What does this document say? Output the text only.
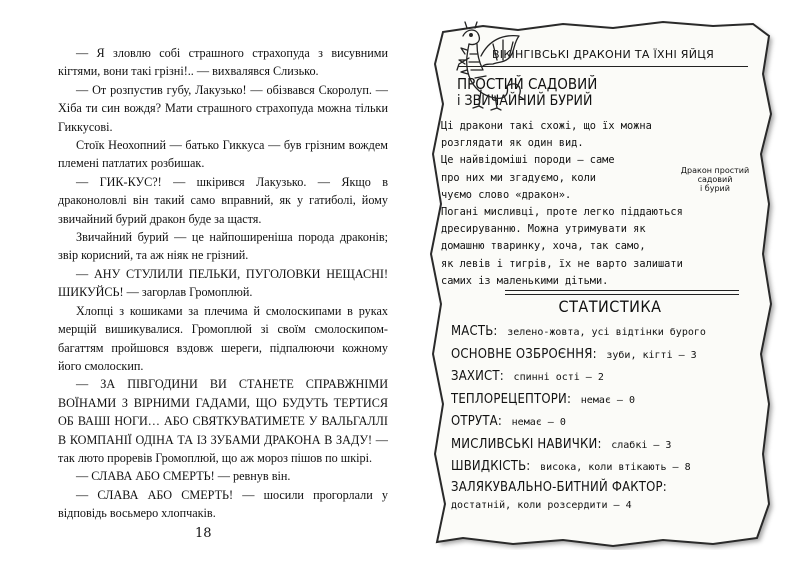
— Я зловлю собі страшного страхопуда з висувними кігтями, вони такі грізні!.. — вихвалявся Слизько.

— От розпустив губу, Лакузько! — обізвався Скоролуп. — Хіба ти син вождя? Мати страшного страхопуда можна тільки Гиккусові.

Стоїк Неохопний — батько Гиккуса — був грізним вождем племені патлатих розбишак.

— ГИК-КУС?! — шкірився Лакузько. — Якщо в драконоловлі він такий само вправний, як у гатиболі, йому звичайний бурий дракон буде за щастя.

Звичайний бурий — це найпоширеніша порода драконів; звір корисний, та аж ніяк не грізний.

— АНУ СТУЛИЛИ ПЕЛЬКИ, ПУГОЛОВКИ НЕЩАСНІ! ШИКУЙСЬ! — загорлав Громоплюй.

Хлопці з кошиками за плечима й смолоскипами в руках мерщій вишикувалися. Громоплюй зі своїм смолоскипом-багаттям пройшовся вздовж шереги, підпалюючи кожному його смолоскип.

— ЗА ПІВГОДИНИ ВИ СТАНЕТЕ СПРАВЖНІМИ ВОЇНАМИ З ВІРНИМИ ГАДАМИ, ЩО БУДУТЬ ТЕРТИСЯ ОБ ВАШІ НОГИ… АБО СВЯТКУВАТИМЕТЕ У ВАЛЬГАЛЛІ В КОМПАНІЇ ОДІНА ТА ІЗ ЗУБАМИ ДРАКОНА В ЗАДУ! — так люто проревів Громоплюй, що аж мороз пішов по шкірі.

— СЛАВА АБО СМЕРТЬ! — ревнув він.

— СЛАВА АБО СМЕРТЬ! — шосили прогорлали у відповідь восьмеро хлопчаків.

18
ВІКІНГІВСЬКІ ДРАКОНИ ТА ЇХНІ ЯЙЦЯ
ПРОСТИЙ САДОВИЙ
і ЗВИЧАЙНИЙ БУРИЙ
Ці дракони такі схожі, що їх можна
розглядати як один вид.
Це найвідоміші породи — саме
про них ми згадуємо, коли
чуємо слово «дракон».
Погані мисливці, проте легко піддаються
дресируванню. Можна утримувати як
домашню тваринку, хоча, так само,
як левів і тигрів, їх не варто залишати
самих із маленькими дітьми.
Дракон простий
садовий
і бурий
СТАТИСТИКА
МАСТЬ: зелено-жовта, усі відтінки бурого
ОСНОВНЕ ОЗБРОЄННЯ: зуби, кігті — 3
ЗАХИСТ: спинні ості — 2
ТЕПЛОРЕЦЕПТОРИ: немає — 0
ОТРУТА: немає — 0
МИСЛИВСЬКІ НАВИЧКИ: слабкі — 3
ШВИДКІСТЬ: висока, коли втікають — 8
ЗАЛЯКУВАЛЬНО-БИТНИЙ ФАКТОР:
достатній, коли розсердити — 4
